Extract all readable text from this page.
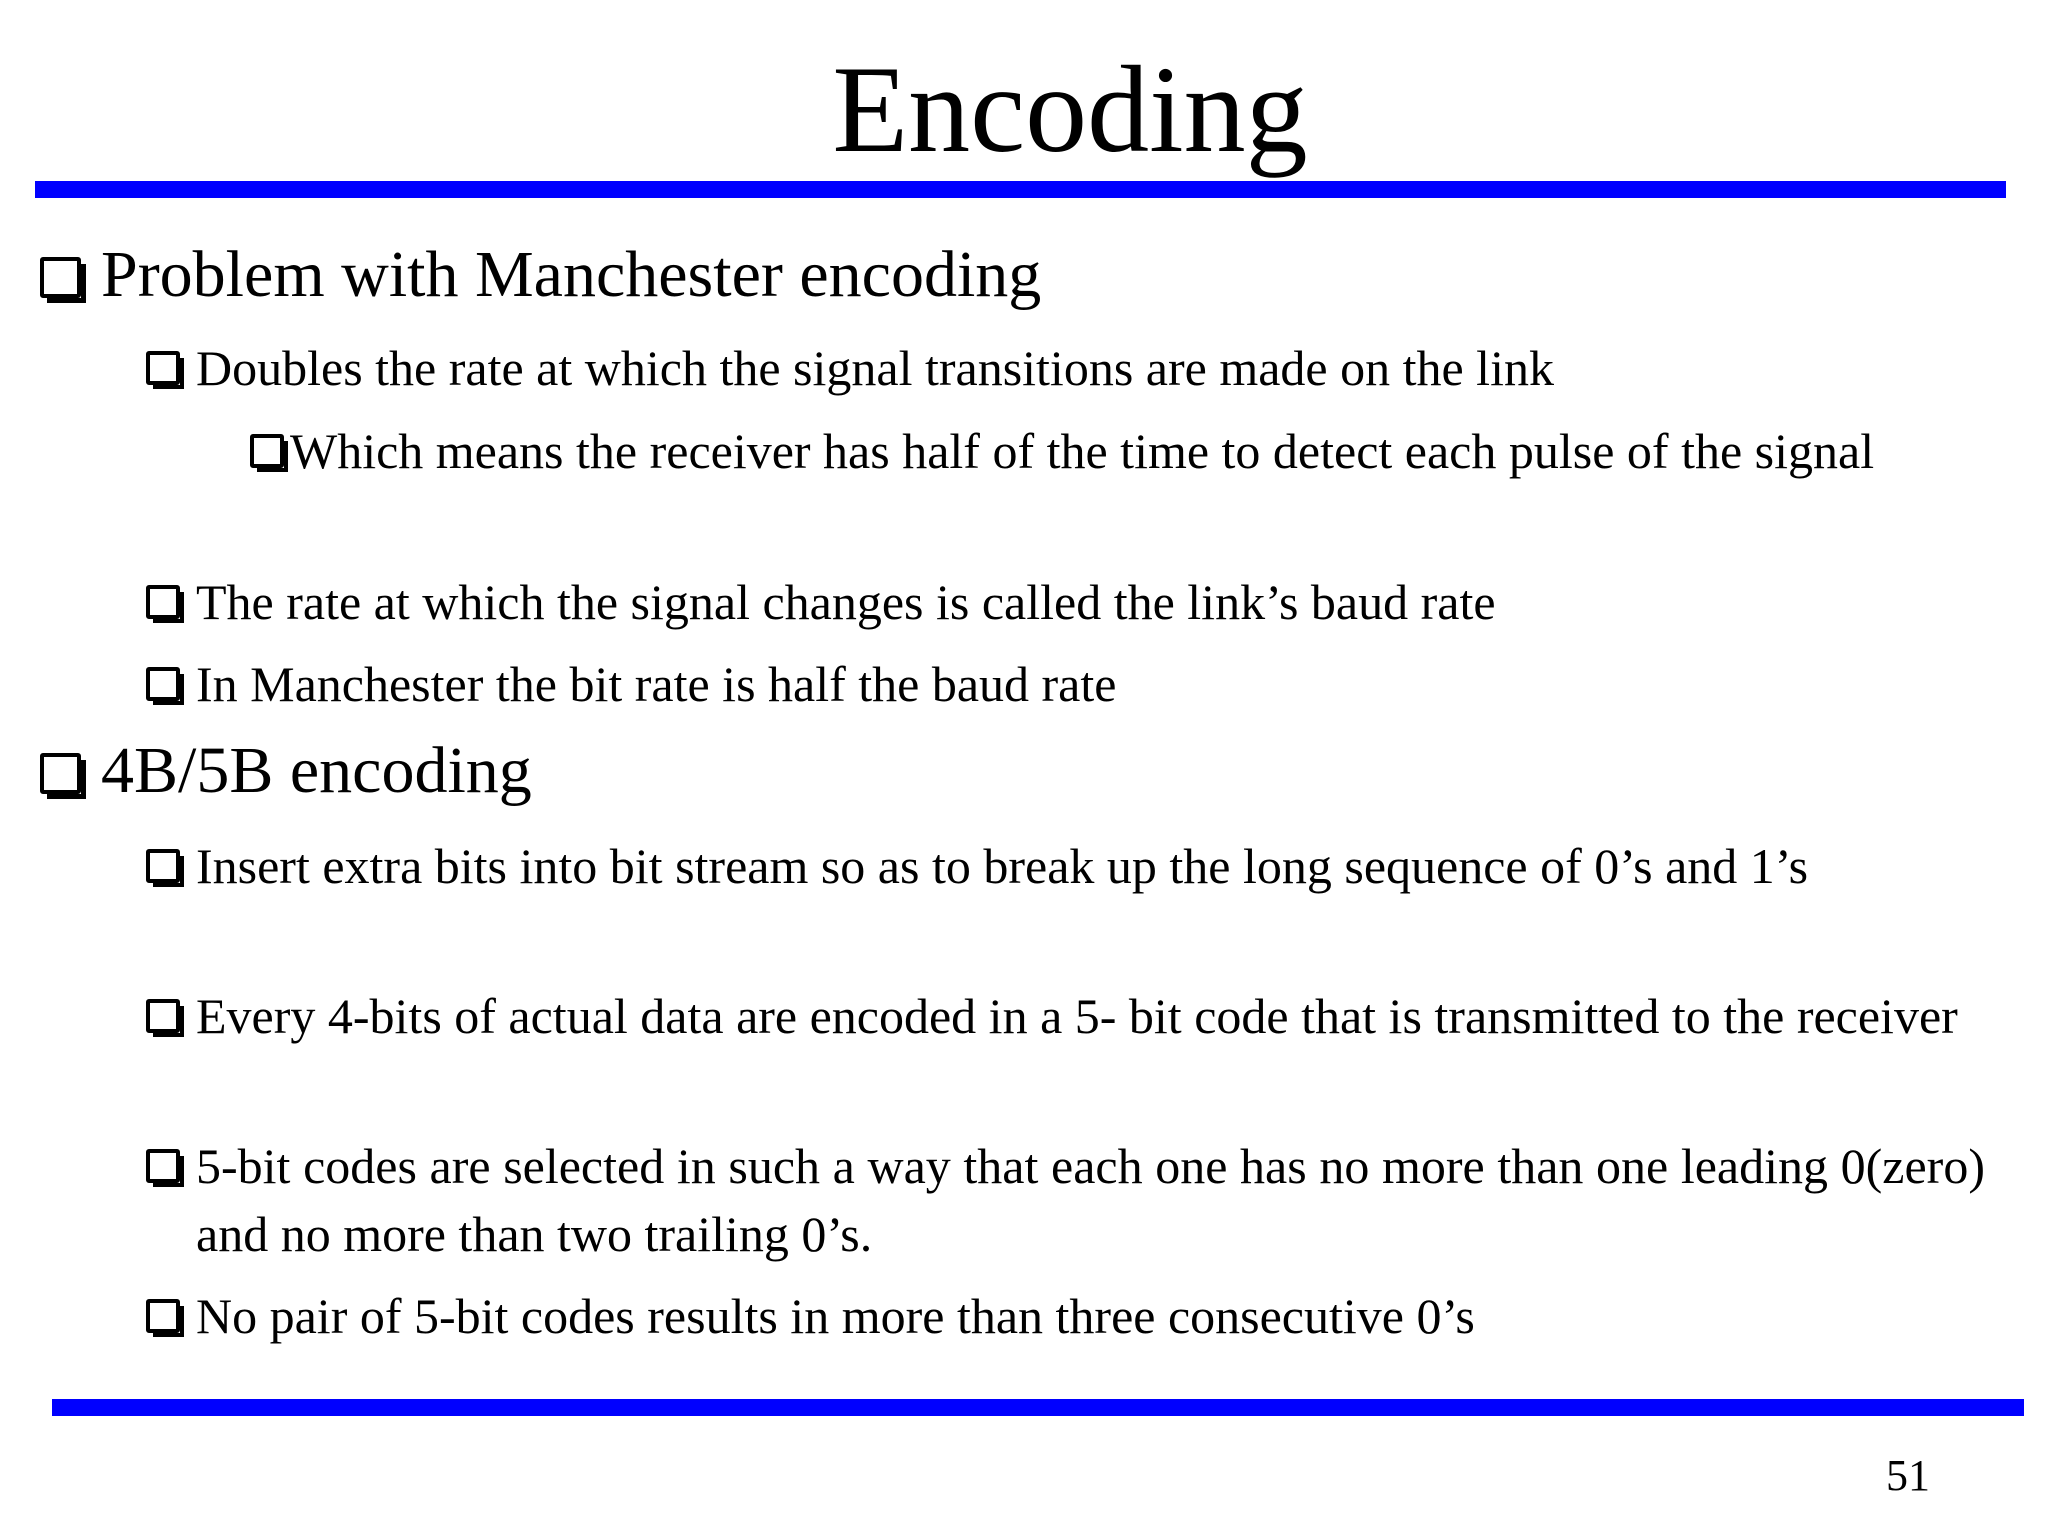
Encoding
Problem with Manchester encoding
Doubles the rate at which the signal transitions are made on the link
Which means the receiver has half of the time to detect each pulse of the signal
The rate at which the signal changes is called the link’s baud rate
In Manchester the bit rate is half the baud rate
4B/5B encoding
Insert extra bits into bit stream so as to break up the long sequence of 0’s and 1’s
Every 4-bits of actual data are encoded in a 5- bit code that is transmitted to the receiver
5-bit codes are selected in such a way that each one has no more than one leading 0(zero) and no more than two trailing 0’s.
No pair of 5-bit codes results in more than three consecutive 0’s
51
